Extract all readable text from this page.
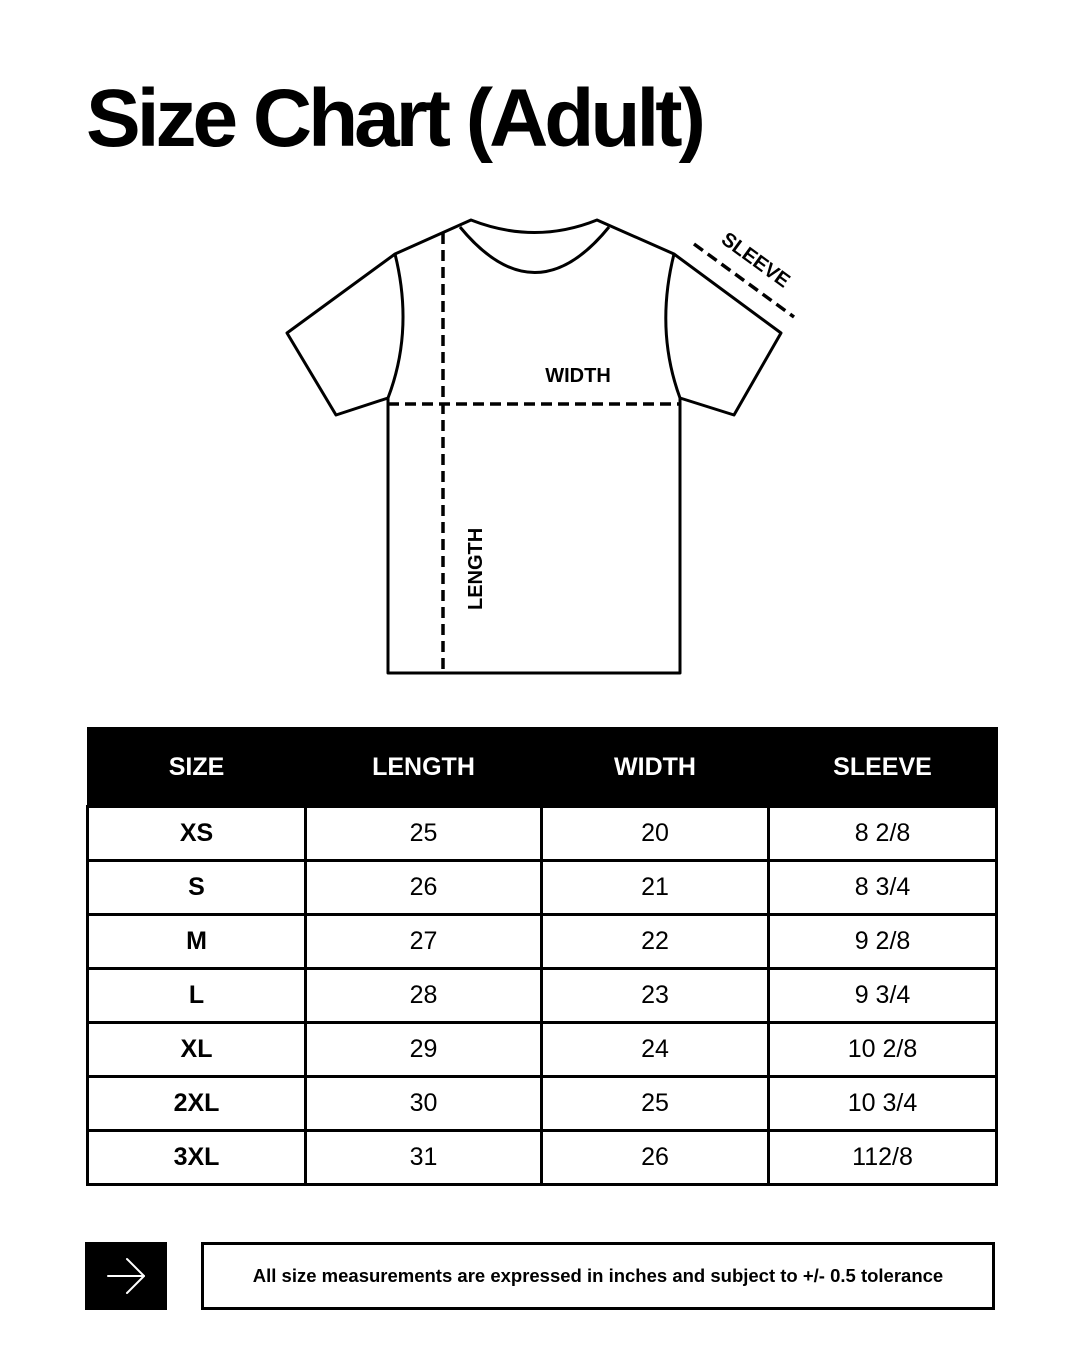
Size Chart (Adult)
SLEEVE
WIDTH
LENGTH
SIZE	LENGTH	WIDTH	SLEEVE
XS	25	20	8 2/8
S	26	21	8 3/4
M	27	22	9 2/8
L	28	23	9 3/4
XL	29	24	10 2/8
2XL	30	25	10 3/4
3XL	31	26	112/8
All size measurements are expressed in inches and subject to +/- 0.5 tolerance
